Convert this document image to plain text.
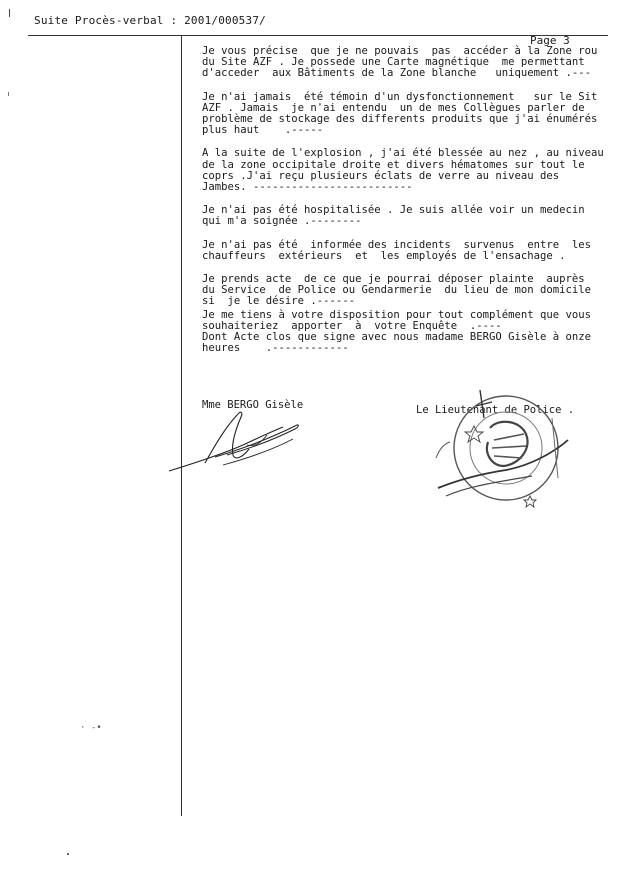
Suite Procès-verbal : 2001/000537/
Page 3
Je vous précise  que je ne pouvais  pas  accéder à la Zone rou
du Site AZF . Je possede une Carte magnétique  me permettant
d'acceder  aux Bâtiments de la Zone blanche   uniquement .---
Je n'ai jamais  été témoin d'un dysfonctionnement   sur le Sit
AZF . Jamais  je n'ai entendu  un de mes Collègues parler de
problème de stockage des differents produits que j'ai énumérés
plus haut    .-----
A la suite de l'explosion , j'ai été blessée au nez , au niveau
de la zone occipitale droite et divers hématomes sur tout le
coprs .J'ai reçu plusieurs éclats de verre au niveau des
Jambes. -------------------------
Je n'ai pas été hospitalisée . Je suis allée voir un medecin
qui m'a soignée .--------
Je n'ai pas été  informée des incidents  survenus  entre  les
chauffeurs  extérieurs  et  les employés de l'ensachage .
Je prends acte  de ce que je pourrai déposer plainte  auprès
du Service  de Police ou Gendarmerie  du lieu de mon domicile
si  je le désire .------
Je me tiens à votre disposition pour tout complément que vous
souhaiteriez  apporter  à  votre Enquête  .----
Dont Acte clos que signe avec nous madame BERGO Gisèle à onze
heures    .------------
Mme BERGO Gisèle	Le Lieutenant de Police .
· -•
